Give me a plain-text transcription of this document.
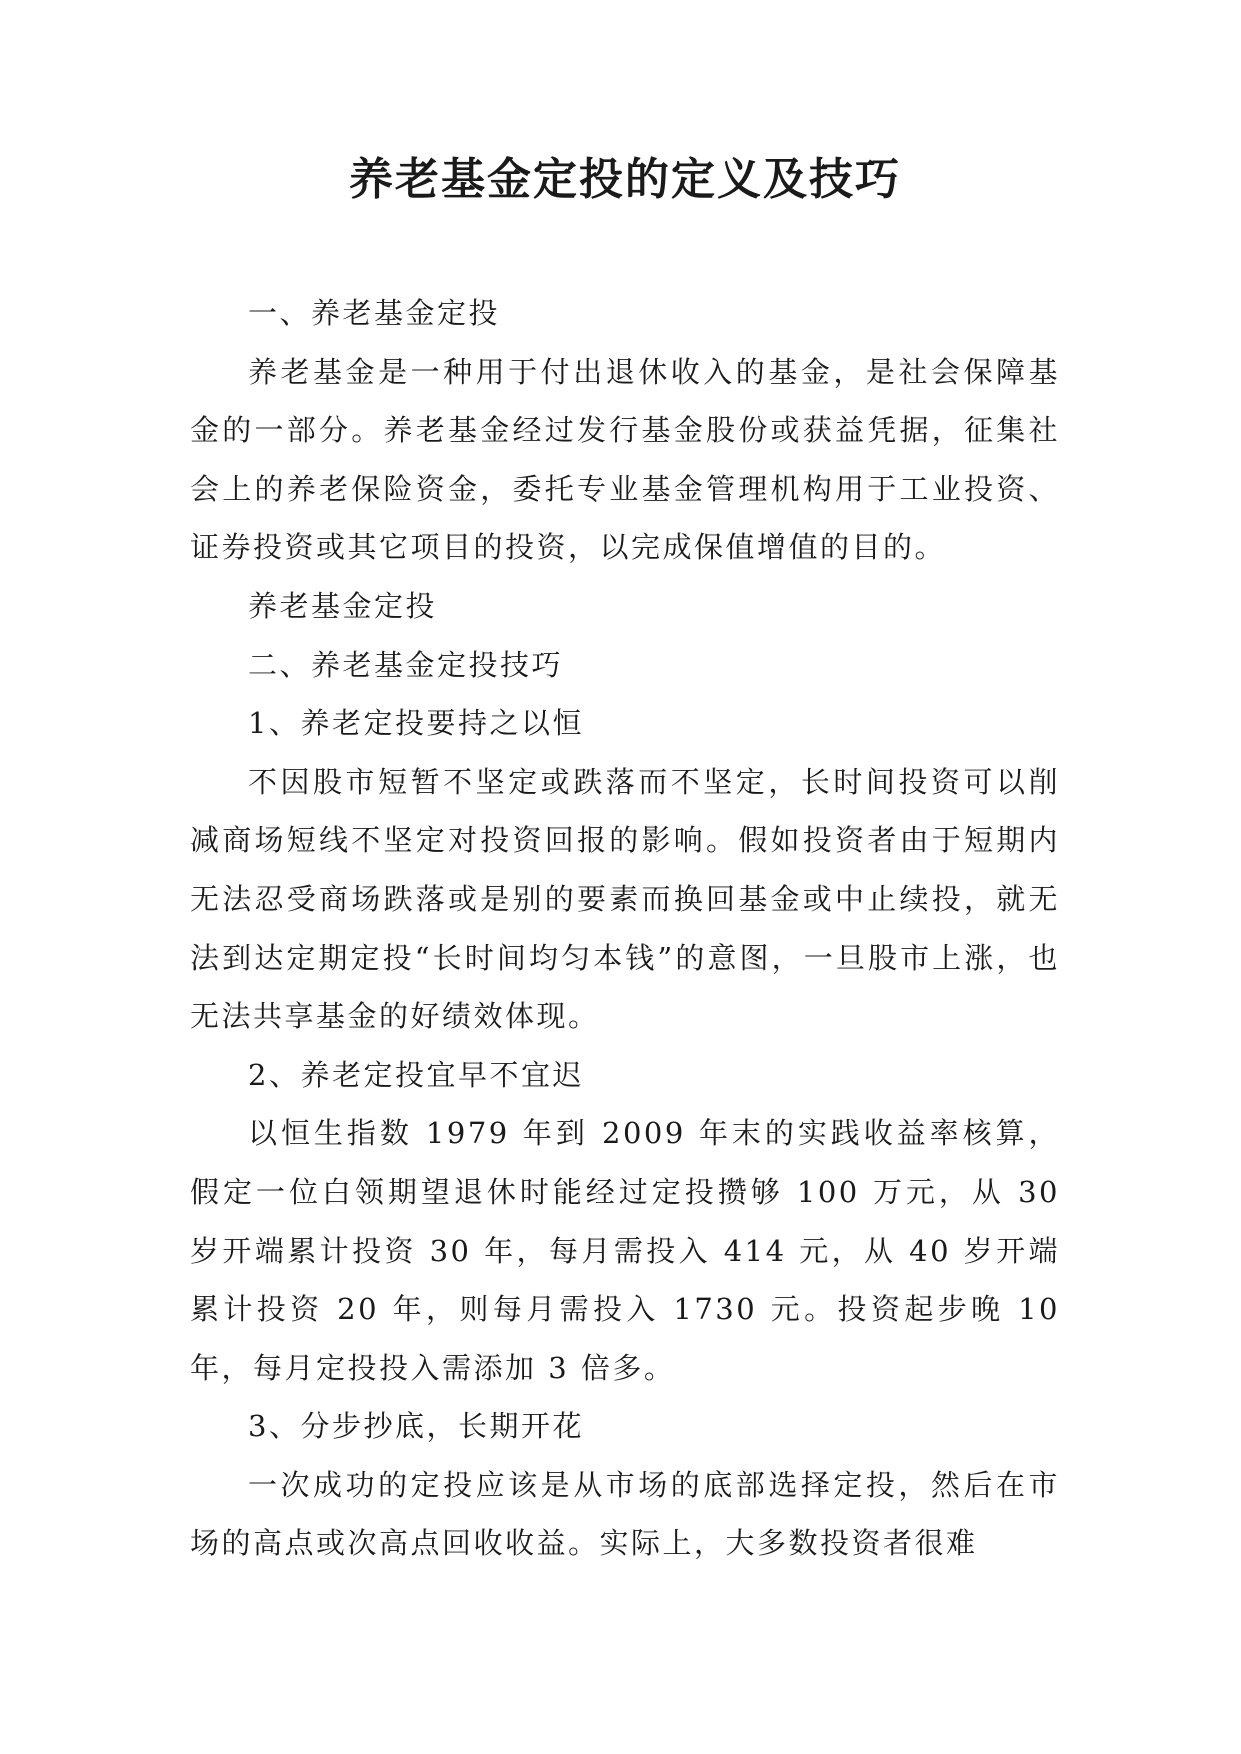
养老基金定投的定义及技巧

一、养老基金定投

养老基金是一种用于付出退休收入的基金，是社会保障基金的一部分。养老基金经过发行基金股份或获益凭据，征集社会上的养老保险资金，委托专业基金管理机构用于工业投资、证券投资或其它项目的投资，以完成保值增值的目的。

养老基金定投

二、养老基金定投技巧

1、养老定投要持之以恒

不因股市短暂不坚定或跌落而不坚定，长时间投资可以削减商场短线不坚定对投资回报的影响。假如投资者由于短期内无法忍受商场跌落或是别的要素而换回基金或中止续投，就无法到达定期定投“长时间均匀本钱”的意图，一旦股市上涨，也无法共享基金的好绩效体现。

2、养老定投宜早不宜迟

以恒生指数 1979 年到 2009 年末的实践收益率核算，假定一位白领期望退休时能经过定投攒够 100 万元，从 30 岁开端累计投资 30 年，每月需投入 414 元，从 40 岁开端累计投资 20 年，则每月需投入 1730 元。投资起步晚 10 年，每月定投投入需添加 3 倍多。

3、分步抄底，长期开花

一次成功的定投应该是从市场的底部选择定投，然后在市场的高点或次高点回收收益。实际上，大多数投资者很难
